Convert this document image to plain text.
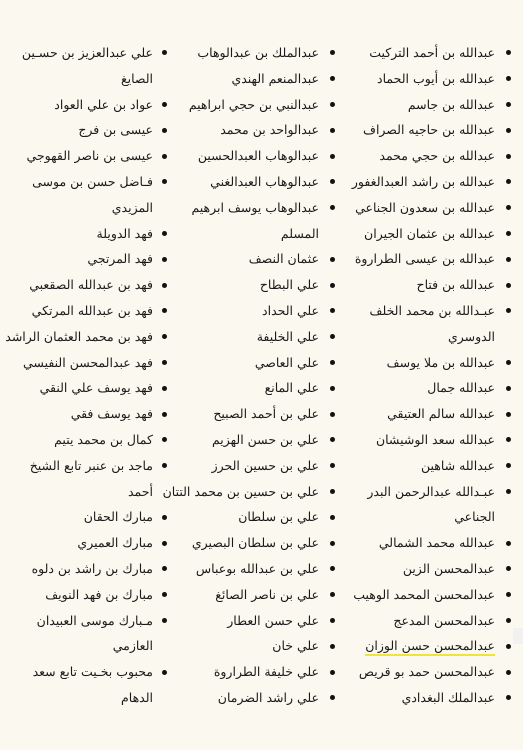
عبدالله بن أحمد التركيت
عبدالله بن أيوب الحماد
عبدالله بن جاسم
عبدالله بن حاجيه الصراف
عبدالله بن حجي محمد
عبدالله بن راشد العبدالغفور
عبدالله بن سعدون الجناعي
عبدالله بن عثمان الجيران
عبدالله بن عيسى الطراروة
عبدالله بن فتاح
عبـدالله بن محمد الخلف
الدوسري
عبدالله بن ملا يوسف
عبدالله جمال
عبدالله سالم العتيقي
عبدالله سعد الوشيشان
عبدالله شاهين
عبـدالله عبدالرحمن البدر
الجناعي
عبدالله محمد الشمالي
عبدالمحسن الزين
عبدالمحسن المحمد الوهيب
عبدالمحسن المدعج
عبدالمحسن حسن الوزان
عبدالمحسن حمد بو قريص
عبدالملك البغدادي
عبدالملك بن عبدالوهاب
عبدالمنعم الهندي
عبدالنبي بن حجي ابراهيم
عبدالواحد بن محمد
عبدالوهاب العبدالحسين
عبدالوهاب العبدالغني
عبدالوهاب يوسف ابرهيم
المسلم
عثمان النصف
علي البطاح
علي الحداد
علي الخليفة
علي العاصي
علي المانع
علي بن أحمد الصبيح
علي بن حسن الهزيم
علي بن حسين الحرز
علي بن حسين بن محمد التتان
علي بن سلطان
علي بن سلطان البصيري
علي بن عبدالله بوعباس
علي بن ناصر الصائغ
علي حسن العطار
علي خان
علي خليفة الطراروة
علي راشد الضرمان
علي عبدالعزيز بن حسـين
الصايغ
عواد بن علي العواد
عيسى بن فرج
عيسى بن ناصر القهوجي
فـاضل حسن بن موسى
المزيدي
فهد الدويلة
فهد المرتجي
فهد بن عبدالله الصقعبي
فهد بن عبدالله المرتكي
فهد بن محمد العثمان الراشد
فهد عبدالمحسن النفيسي
فهد يوسف علي النقي
فهد يوسف فقي
كمال بن محمد يتيم
ماجد بن عنبر تابع الشيخ
أحمد
مبارك الحقان
مبارك العميري
مبارك بن راشد بن دلوه
مبارك بن فهد النويف
مـبارك موسى العبيدان
العازمي
محبوب بخـيت تابع سعد
الدهام
